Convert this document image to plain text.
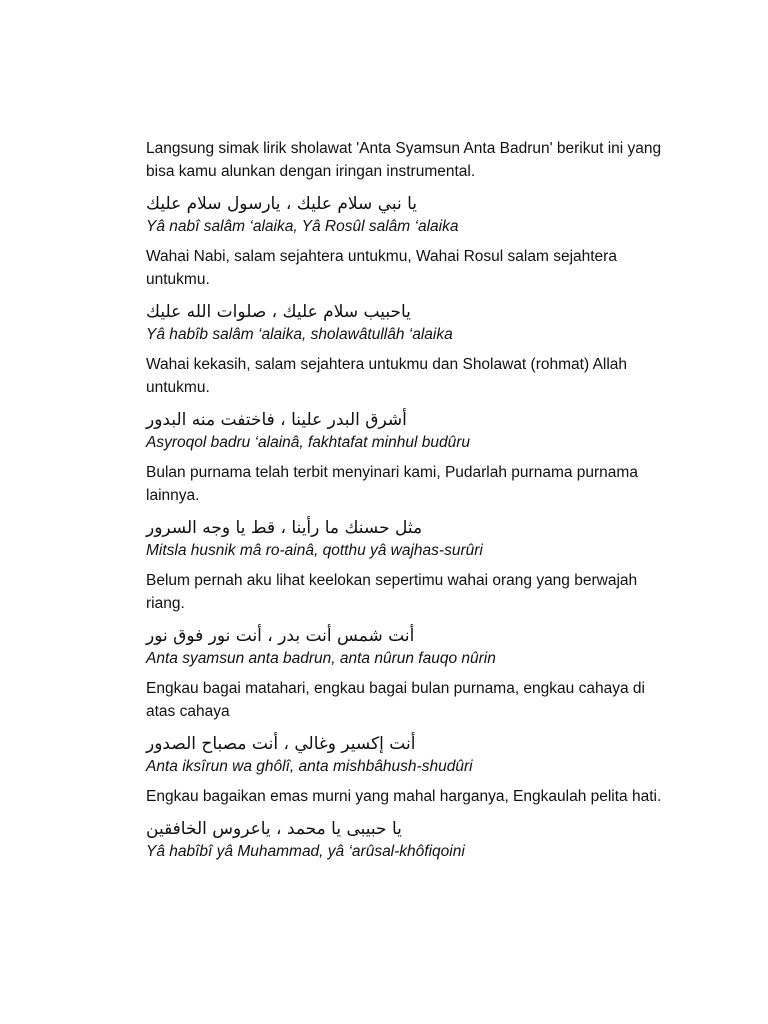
Langsung simak lirik sholawat 'Anta Syamsun Anta Badrun' berikut ini yang bisa kamu alunkan dengan iringan instrumental.

يا نبي سلام عليك ، يارسول سلام عليك
Yâ nabî salâm ‘alaika, Yâ Rosûl salâm ‘alaika

Wahai Nabi, salam sejahtera untukmu, Wahai Rosul salam sejahtera untukmu.

ياحبيب سلام عليك ، صلوات الله عليك
Yâ habîb salâm ‘alaika, sholawâtullâh ‘alaika

Wahai kekasih, salam sejahtera untukmu dan Sholawat (rohmat) Allah untukmu.

أشرق البدر علينا ، فاختفت منه البدور
Asyroqol badru ‘alainâ, fakhtafat minhul budûru

Bulan purnama telah terbit menyinari kami, Pudarlah purnama purnama lainnya.

مثل حسنك ما رأينا ، قط يا وجه السرور
Mitsla husnik mâ ro-ainâ, qotthu yâ wajhas-surûri

Belum pernah aku lihat keelokan sepertimu wahai orang yang berwajah riang.

أنت شمس أنت بدر ، أنت نور فوق نور
Anta syamsun anta badrun, anta nûrun fauqo nûrin

Engkau bagai matahari, engkau bagai bulan purnama, engkau cahaya di atas cahaya

أنت إكسير وغالي ، أنت مصباح الصدور
Anta iksîrun wa ghôlî, anta mishbâhush-shudûri

Engkau bagaikan emas murni yang mahal harganya, Engkaulah pelita hati.

يا حبيبى يا محمد ، ياعروس الخافقين
Yâ habîbî yâ Muhammad, yâ ‘arûsal-khôfiqoini
